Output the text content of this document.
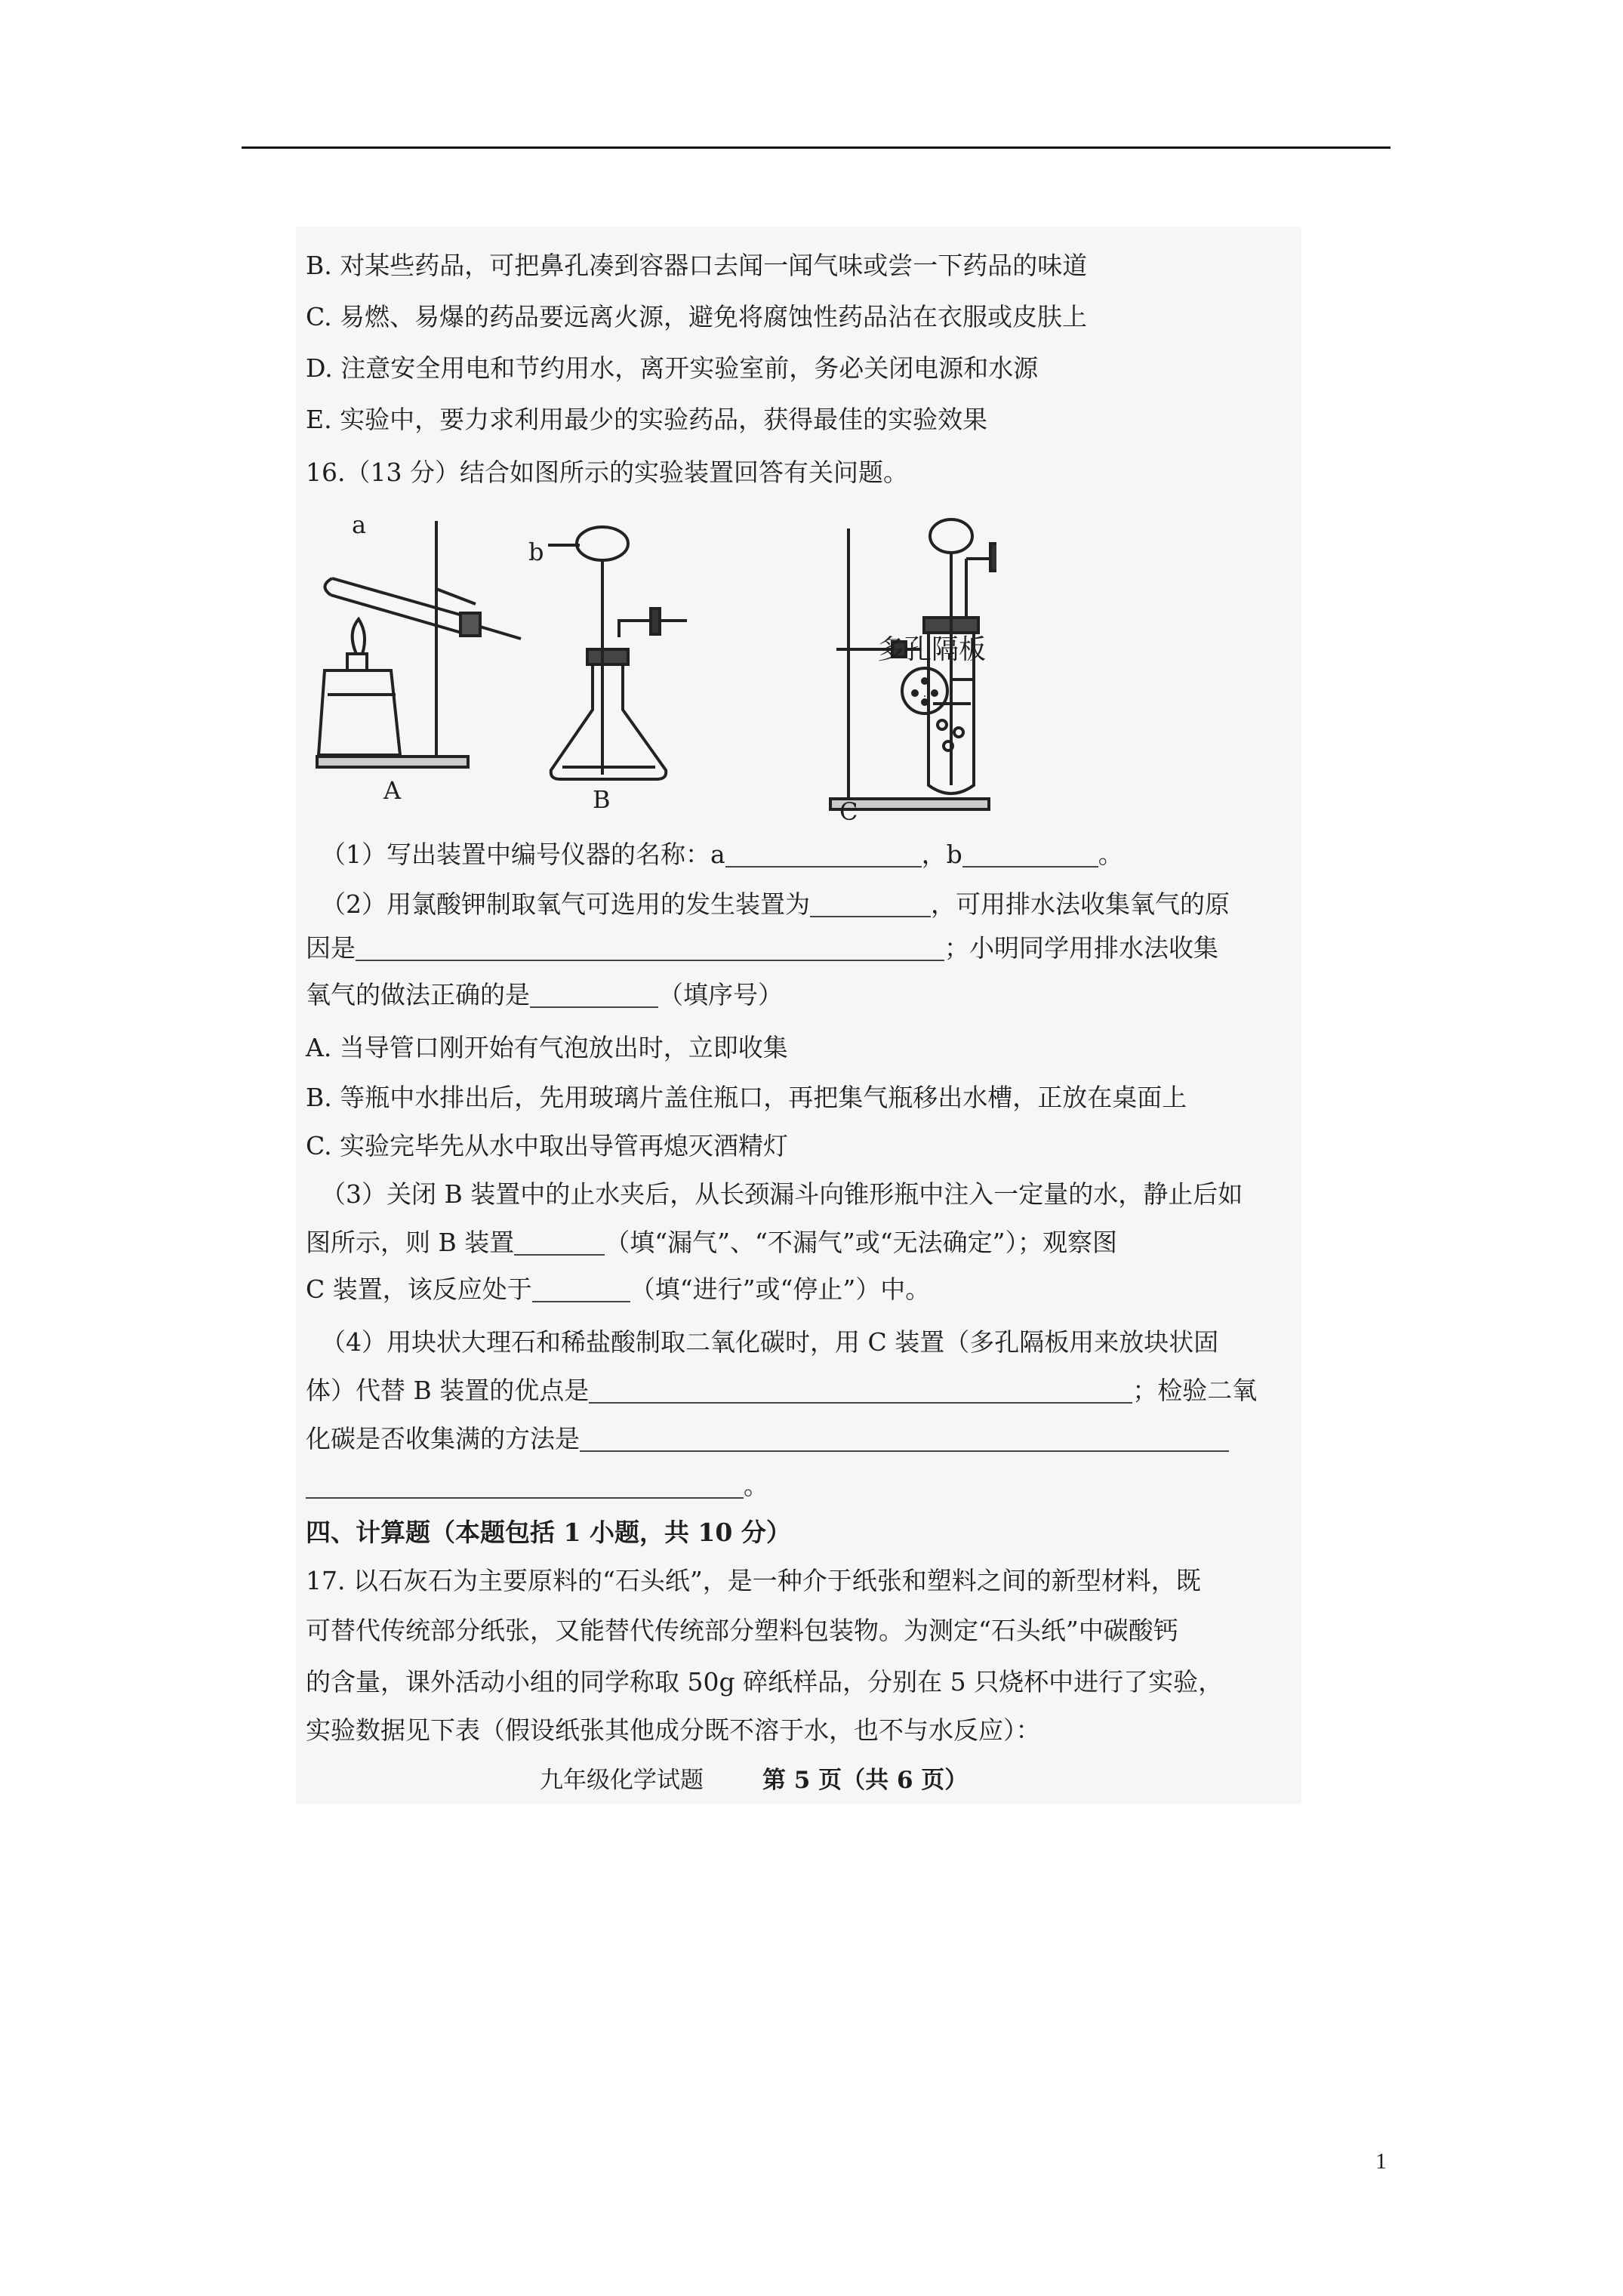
B. 对某些药品，可把鼻孔凑到容器口去闻一闻气味或尝一下药品的味道
C. 易燃、易爆的药品要远离火源，避免将腐蚀性药品沾在衣服或皮肤上
D. 注意安全用电和节约用水，离开实验室前，务必关闭电源和水源
E. 实验中，要力求利用最少的实验药品，获得最佳的实验效果
16.（13 分）结合如图所示的实验装置回答有关问题。
a
b
多孔隔板
A	B	C
（1）写出装置中编号仪器的名称：a	，b	。
（2）用氯酸钾制取氧气可选用的发生装置为	，可用排水法收集氧气的原
因是	；小明同学用排水法收集
氧气的做法正确的是	（填序号）
A. 当导管口刚开始有气泡放出时，立即收集
B. 等瓶中水排出后，先用玻璃片盖住瓶口，再把集气瓶移出水槽，正放在桌面上
C. 实验完毕先从水中取出导管再熄灭酒精灯
（3）关闭 B 装置中的止水夹后，从长颈漏斗向锥形瓶中注入一定量的水，静止后如
图所示，则 B 装置	（填“漏气”、“不漏气”或“无法确定”）；观察图
C 装置，该反应处于	（填“进行”或“停止”）中。
（4）用块状大理石和稀盐酸制取二氧化碳时，用 C 装置（多孔隔板用来放块状固
体）代替 B 装置的优点是	；检验二氧
化碳是否收集满的方法是
。
四、计算题（本题包括 1 小题，共 10 分）
17. 以石灰石为主要原料的“石头纸”，是一种介于纸张和塑料之间的新型材料，既
可替代传统部分纸张，又能替代传统部分塑料包装物。为测定“石头纸”中碳酸钙
的含量，课外活动小组的同学称取 50g 碎纸样品，分别在 5 只烧杯中进行了实验，
实验数据见下表（假设纸张其他成分既不溶于水，也不与水反应）：
九年级化学试题	第 5 页（共 6 页）
1
